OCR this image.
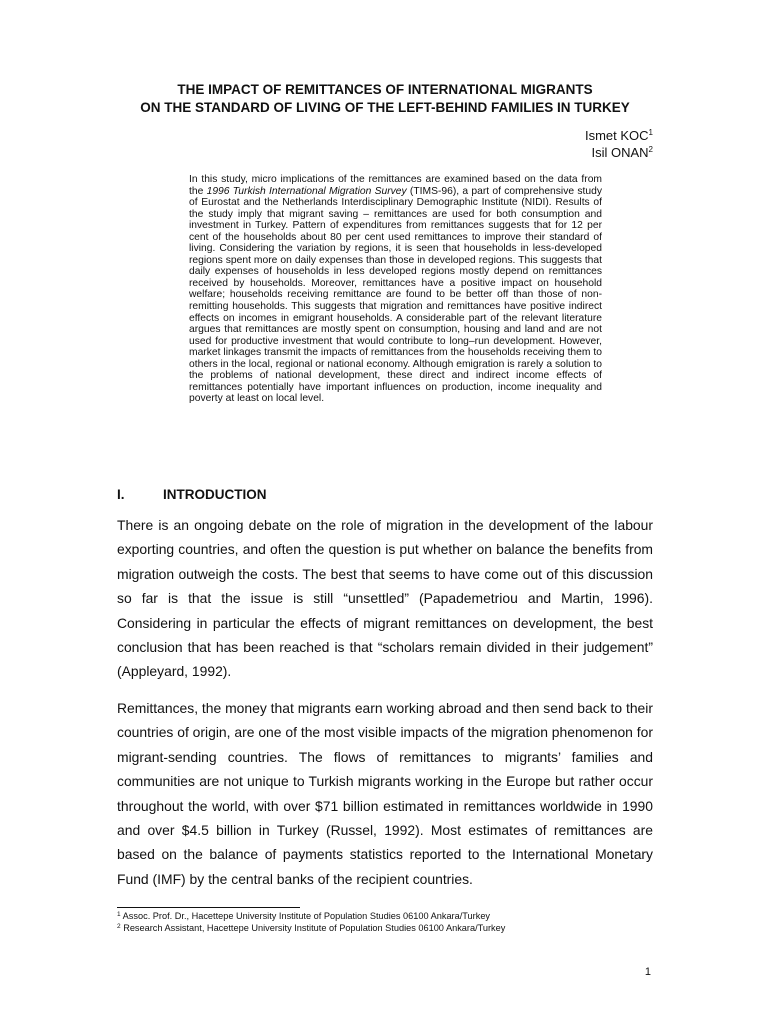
THE IMPACT OF REMITTANCES OF INTERNATIONAL MIGRANTS
ON THE STANDARD OF LIVING OF THE LEFT-BEHIND FAMILIES IN TURKEY
Ismet KOC$^1$
Isil ONAN$^2$
In this study, micro implications of the remittances are examined based on the data from the 1996 Turkish International Migration Survey (TIMS-96), a part of comprehensive study of Eurostat and the Netherlands Interdisciplinary Demographic Institute (NIDI). Results of the study imply that migrant saving – remittances are used for both consumption and investment in Turkey. Pattern of expenditures from remittances suggests that for 12 per cent of the households about 80 per cent used remittances to improve their standard of living. Considering the variation by regions, it is seen that households in less-developed regions spent more on daily expenses than those in developed regions. This suggests that daily expenses of households in less developed regions mostly depend on remittances received by households. Moreover, remittances have a positive impact on household welfare; households receiving remittance are found to be better off than those of non-remitting households. This suggests that migration and remittances have positive indirect effects on incomes in emigrant households. A considerable part of the relevant literature argues that remittances are mostly spent on consumption, housing and land and are not used for productive investment that would contribute to long–run development. However, market linkages transmit the impacts of remittances from the households receiving them to others in the local, regional or national economy. Although emigration is rarely a solution to the problems of national development, these direct and indirect income effects of remittances potentially have important influences on production, income inequality and poverty at least on local level.
I.	INTRODUCTION

There is an ongoing debate on the role of migration in the development of the labour exporting countries, and often the question is put whether on balance the benefits from migration outweigh the costs. The best that seems to have come out of this discussion so far is that the issue is still “unsettled” (Papademetriou and Martin, 1996). Considering in particular the effects of migrant remittances on development, the best conclusion that has been reached is that “scholars remain divided in their judgement” (Appleyard, 1992).

Remittances, the money that migrants earn working abroad and then send back to their countries of origin, are one of the most visible impacts of the migration phenomenon for migrant-sending countries. The flows of remittances to migrants’ families and communities are not unique to Turkish migrants working in the Europe but rather occur throughout the world, with over $71 billion estimated in remittances worldwide in 1990 and over $4.5 billion in Turkey (Russel, 1992). Most estimates of remittances are based on the balance of payments statistics reported to the International Monetary Fund (IMF) by the central banks of the recipient countries.

$^1$ Assoc. Prof. Dr., Hacettepe University Institute of Population Studies 06100 Ankara/Turkey
$^2$ Research Assistant, Hacettepe University Institute of Population Studies 06100 Ankara/Turkey
1
